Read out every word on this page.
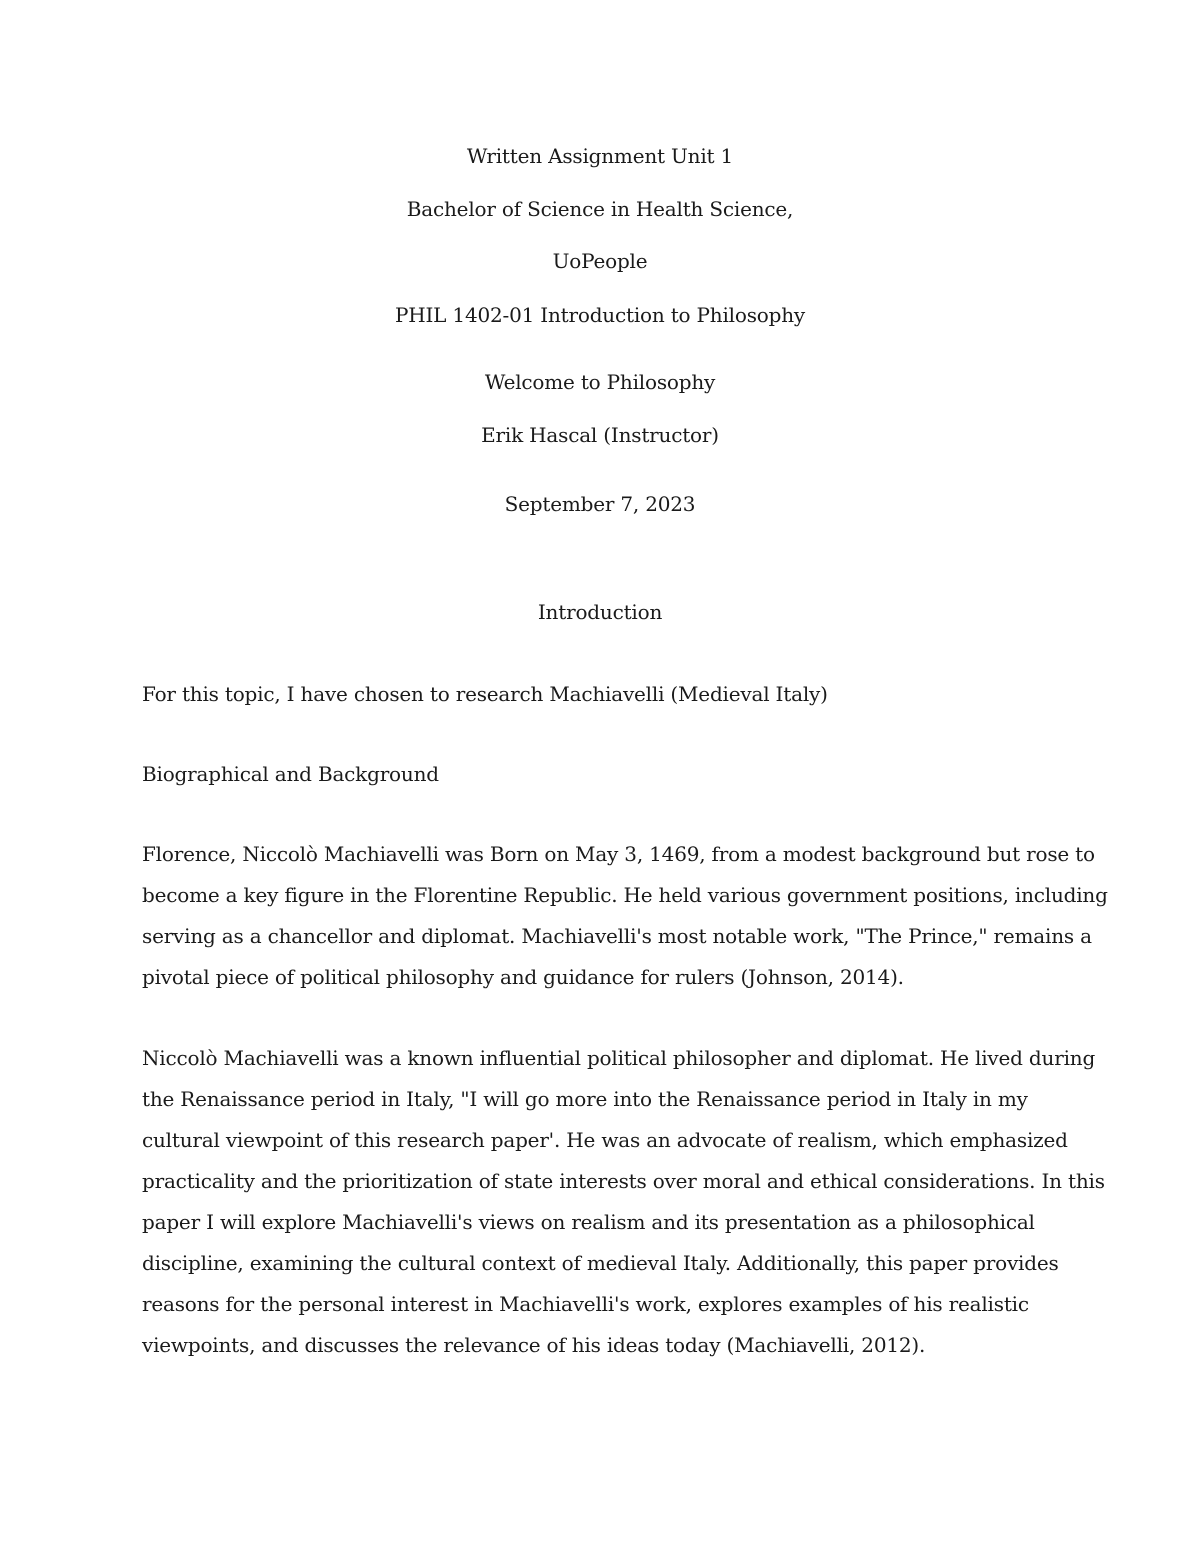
Written Assignment Unit 1
Bachelor of Science in Health Science,
UoPeople
PHIL 1402-01 Introduction to Philosophy
Welcome to Philosophy
Erik Hascal (Instructor)
September 7, 2023
Introduction
For this topic, I have chosen to research Machiavelli (Medieval Italy)
Biographical and Background
Florence, Niccolò Machiavelli was Born on May 3, 1469, from a modest background but rose to
become a key figure in the Florentine Republic. He held various government positions, including
serving as a chancellor and diplomat. Machiavelli's most notable work, "The Prince," remains a
pivotal piece of political philosophy and guidance for rulers (Johnson, 2014).
Niccolò Machiavelli was a known influential political philosopher and diplomat. He lived during
the Renaissance period in Italy, "I will go more into the Renaissance period in Italy in my
cultural viewpoint of this research paper'. He was an advocate of realism, which emphasized
practicality and the prioritization of state interests over moral and ethical considerations. In this
paper I will explore Machiavelli's views on realism and its presentation as a philosophical
discipline, examining the cultural context of medieval Italy. Additionally, this paper provides
reasons for the personal interest in Machiavelli's work, explores examples of his realistic
viewpoints, and discusses the relevance of his ideas today (Machiavelli, 2012).
